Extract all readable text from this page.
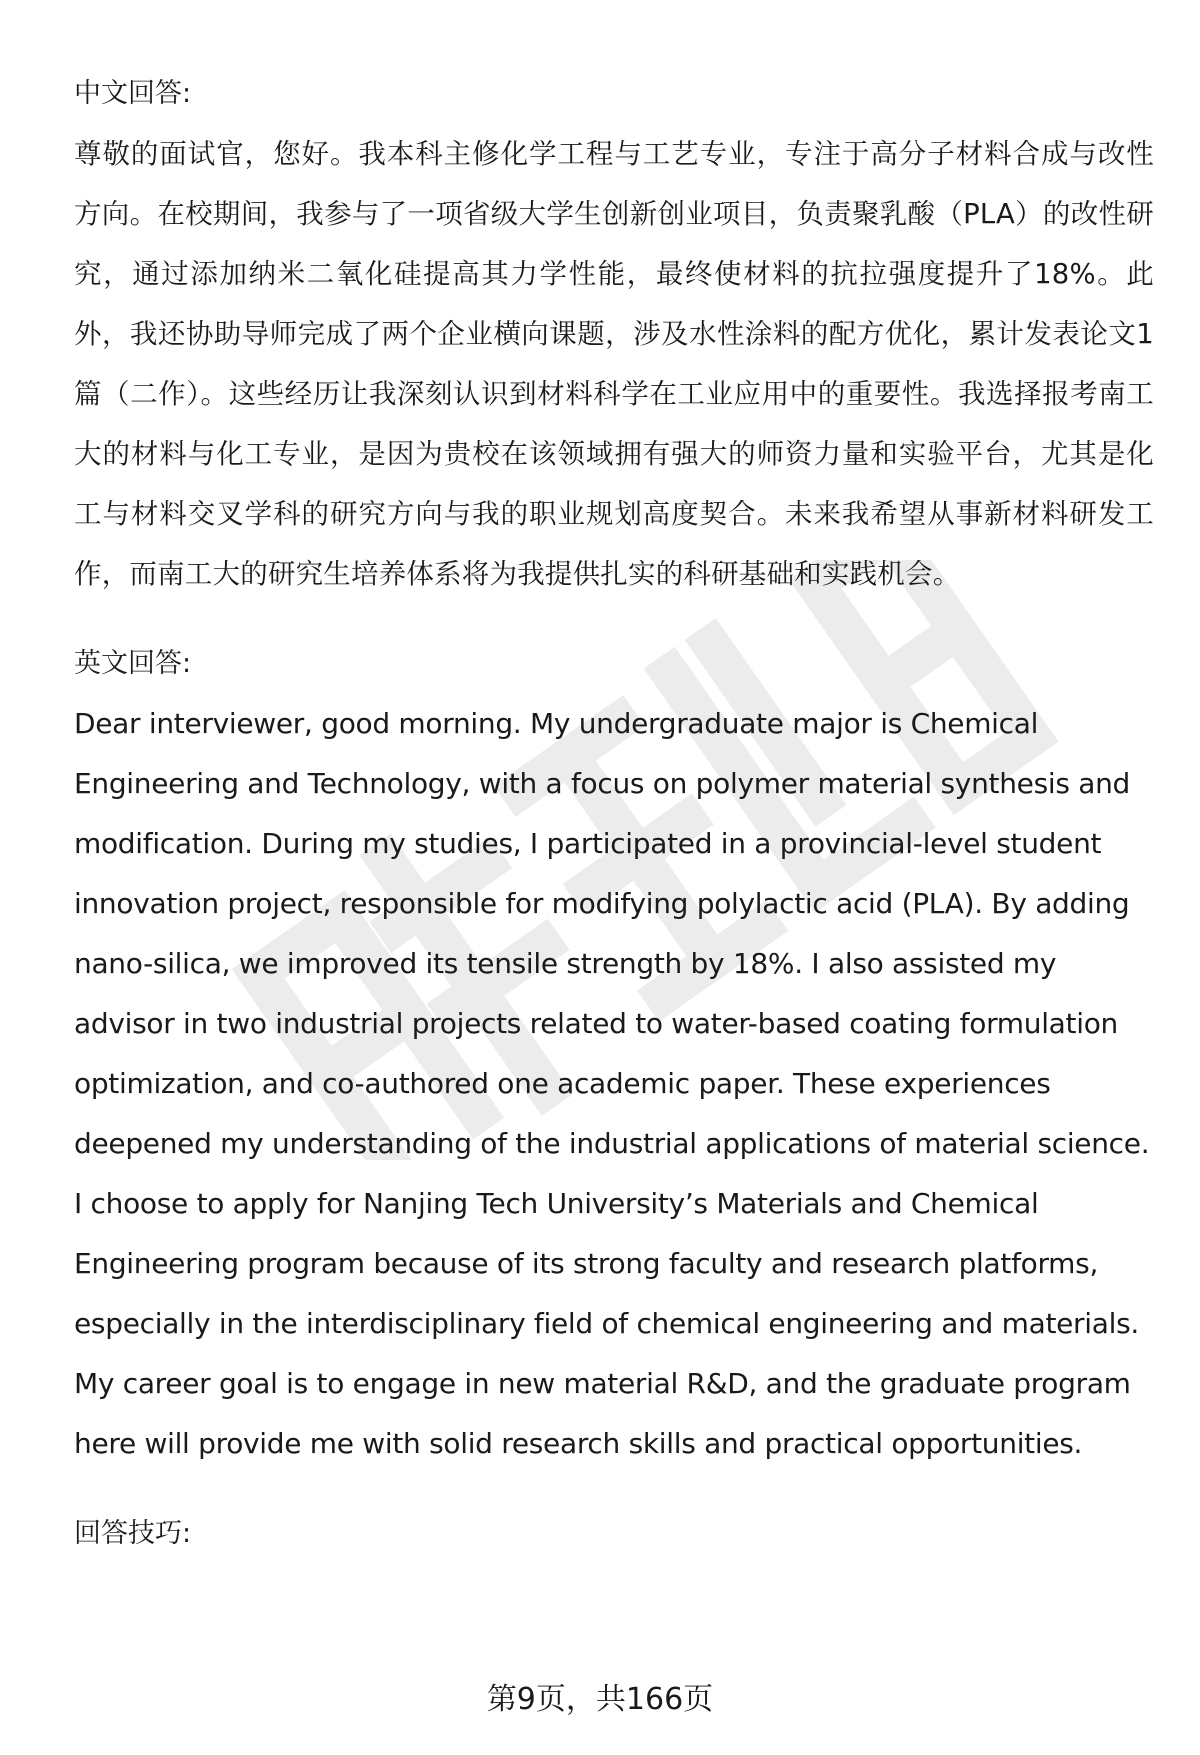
中文回答:

尊敬的面试官，您好。我本科主修化学工程与工艺专业，专注于高分子材料合成与改性方向。在校期间，我参与了一项省级大学生创新创业项目，负责聚乳酸（PLA）的改性研究，通过添加纳米二氧化硅提高其力学性能，最终使材料的抗拉强度提升了18%。此外，我还协助导师完成了两个企业横向课题，涉及水性涂料的配方优化，累计发表论文1篇（二作）。这些经历让我深刻认识到材料科学在工业应用中的重要性。我选择报考南工大的材料与化工专业，是因为贵校在该领域拥有强大的师资力量和实验平台，尤其是化工与材料交叉学科的研究方向与我的职业规划高度契合。未来我希望从事新材料研发工作，而南工大的研究生培养体系将为我提供扎实的科研基础和实践机会。

英文回答:

Dear interviewer, good morning. My undergraduate major is Chemical Engineering and Technology, with a focus on polymer material synthesis and modification. During my studies, I participated in a provincial-level student innovation project, responsible for modifying polylactic acid (PLA). By adding nano-silica, we improved its tensile strength by 18%. I also assisted my advisor in two industrial projects related to water-based coating formulation optimization, and co-authored one academic paper. These experiences deepened my understanding of the industrial applications of material science. I choose to apply for Nanjing Tech University’s Materials and Chemical Engineering program because of its strong faculty and research platforms, especially in the interdisciplinary field of chemical engineering and materials. My career goal is to engage in new material R&D, and the graduate program here will provide me with solid research skills and practical opportunities.

回答技巧:

第9页，共166页
